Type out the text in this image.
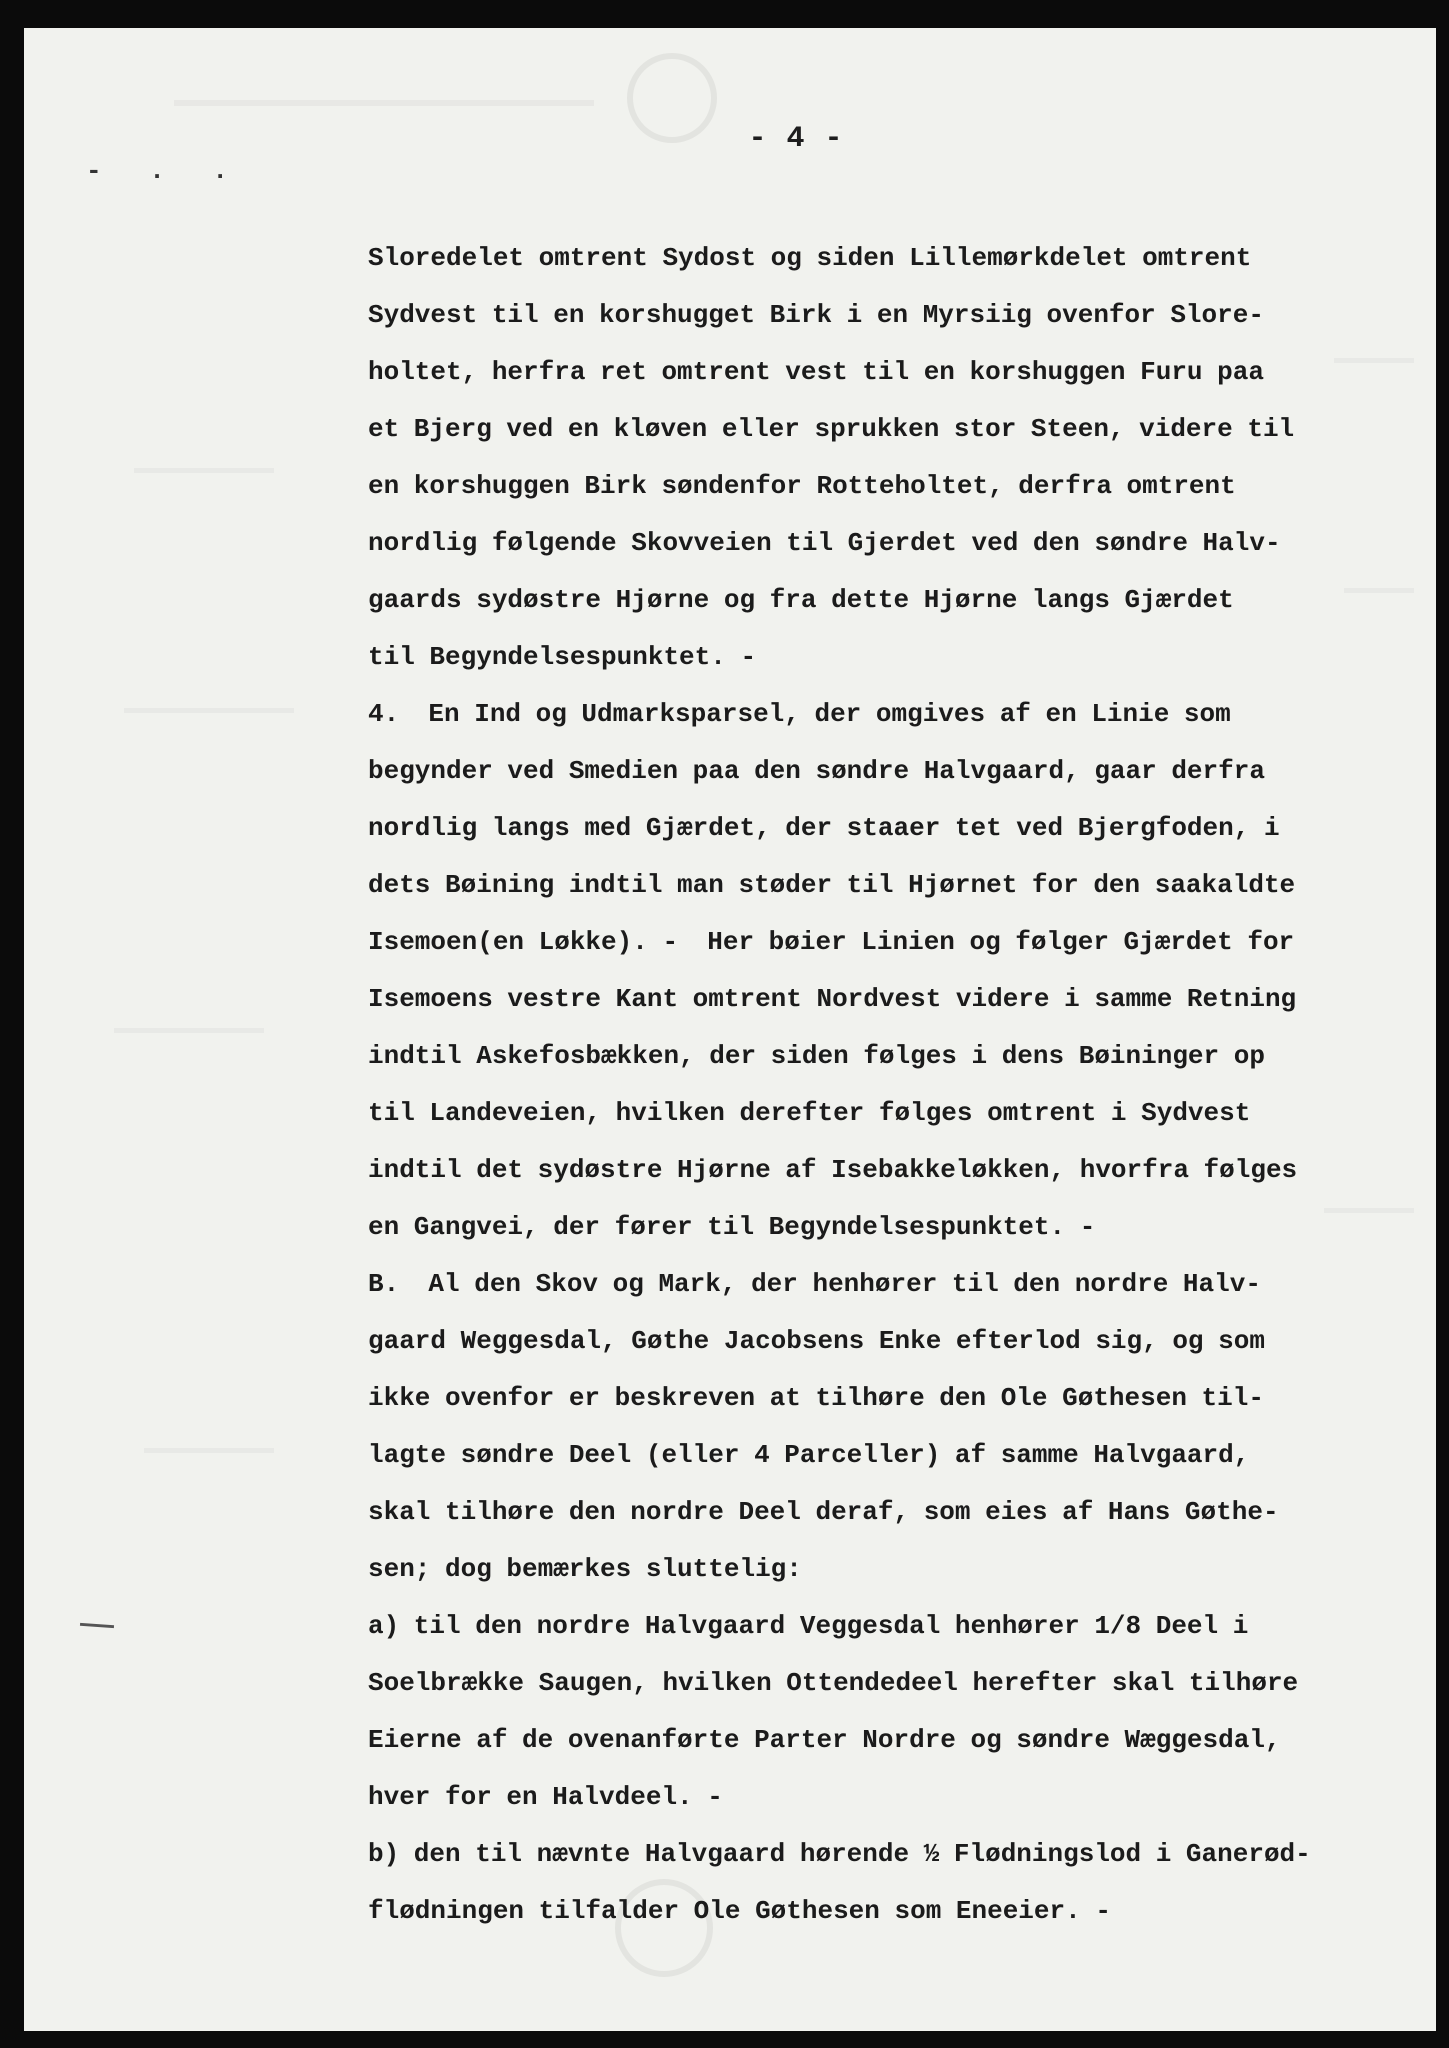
- . .
- 4 -
Sloredelet omtrent Sydost og siden Lillemørkdelet omtrent
Sydvest til en korshugget Birk i en Myrsiig ovenfor Slore-
holtet, herfra ret omtrent vest til en korshuggen Furu paa
et Bjerg ved en kløven eller sprukken stor Steen, videre til
en korshuggen Birk søndenfor Rotteholtet, derfra omtrent
nordlig følgende Skovveien til Gjerdet ved den søndre Halv-
gaards sydøstre Hjørne og fra dette Hjørne langs Gjærdet
til Begyndelsespunktet. -
4.  En Ind og Udmarksparsel, der omgives af en Linie som
begynder ved Smedien paa den søndre Halvgaard, gaar derfra
nordlig langs med Gjærdet, der staaer tet ved Bjergfoden, i
dets Bøining indtil man støder til Hjørnet for den saakaldte
Isemoen(en Løkke). -  Her bøier Linien og følger Gjærdet for
Isemoens vestre Kant omtrent Nordvest videre i samme Retning
indtil Askefosbækken, der siden følges i dens Bøininger op
til Landeveien, hvilken derefter følges omtrent i Sydvest
indtil det sydøstre Hjørne af Isebakkeløkken, hvorfra følges
en Gangvei, der fører til Begyndelsespunktet. -
B.  Al den Skov og Mark, der henhører til den nordre Halv-
gaard Weggesdal, Gøthe Jacobsens Enke efterlod sig, og som
ikke ovenfor er beskreven at tilhøre den Ole Gøthesen til-
lagte søndre Deel (eller 4 Parceller) af samme Halvgaard,
skal tilhøre den nordre Deel deraf, som eies af Hans Gøthe-
sen; dog bemærkes sluttelig:
a) til den nordre Halvgaard Veggesdal henhører 1/8 Deel i
Soelbrække Saugen, hvilken Ottendedeel herefter skal tilhøre
Eierne af de ovenanførte Parter Nordre og søndre Wæggesdal,
hver for en Halvdeel. -
b) den til nævnte Halvgaard hørende ½ Flødningslod i Ganerød-
flødningen tilfalder Ole Gøthesen som Eneeier. -
